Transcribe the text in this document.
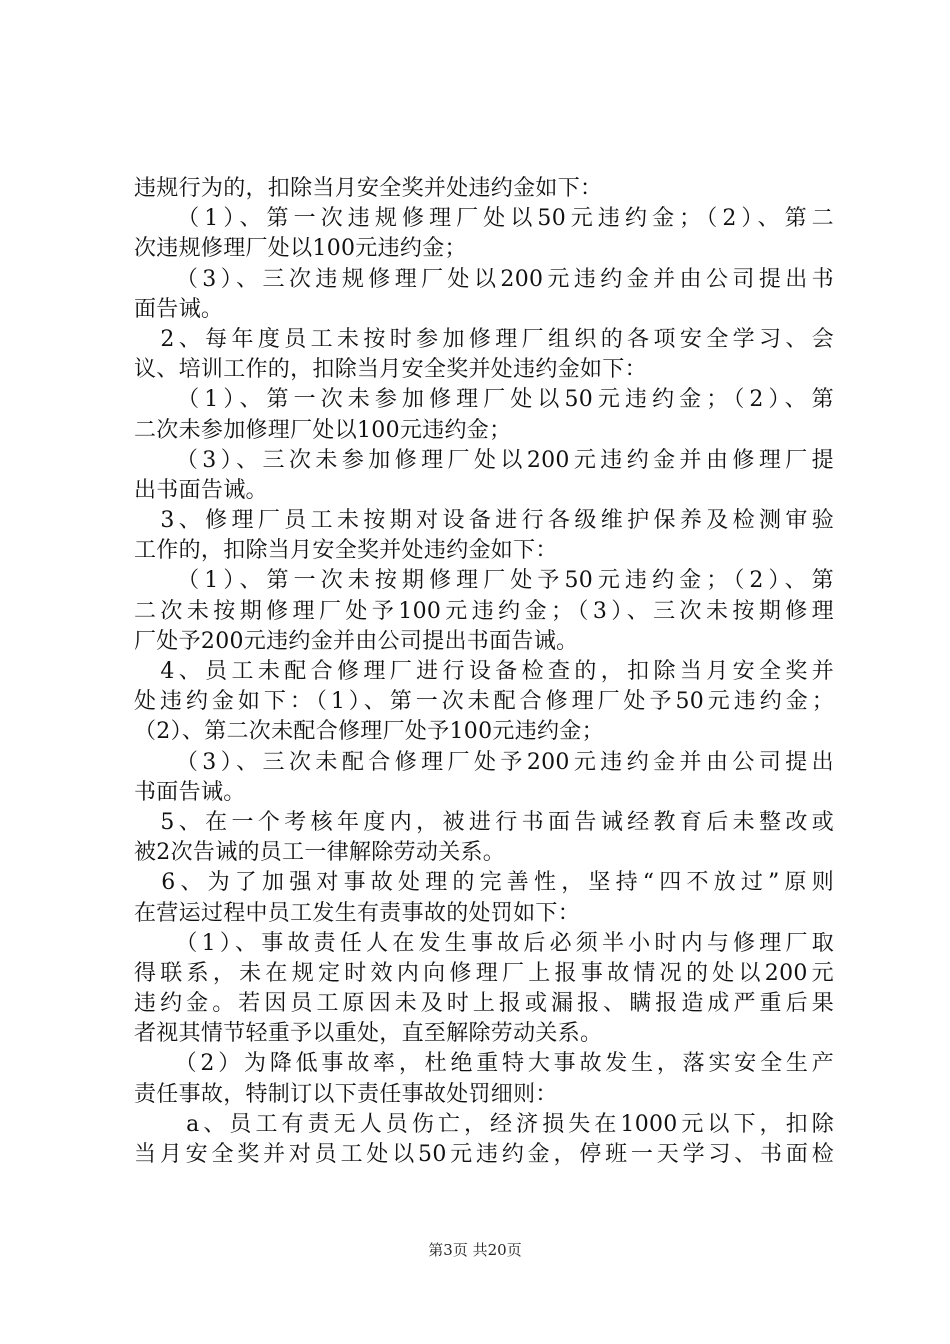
违规行为的，扣除当月安全奖并处违约金如下：
　　（1）、第一次违规修理厂处以50元违约金；（2）、第二
次违规修理厂处以100元违约金；
　　（3）、三次违规修理厂处以200元违约金并由公司提出书
面告诫。
　2、每年度员工未按时参加修理厂组织的各项安全学习、会
议、培训工作的，扣除当月安全奖并处违约金如下：
　　（1）、第一次未参加修理厂处以50元违约金；（2）、第
二次未参加修理厂处以100元违约金；
　　（3）、三次未参加修理厂处以200元违约金并由修理厂提
出书面告诫。
　3、修理厂员工未按期对设备进行各级维护保养及检测审验
工作的，扣除当月安全奖并处违约金如下：
　　（1）、第一次未按期修理厂处予50元违约金；（2）、第
二次未按期修理厂处予100元违约金；（3）、三次未按期修理
厂处予200元违约金并由公司提出书面告诫。
　4、员工未配合修理厂进行设备检查的，扣除当月安全奖并
处违约金如下：（1）、第一次未配合修理厂处予50元违约金；
（2）、第二次未配合修理厂处予100元违约金；
　　（3）、三次未配合修理厂处予200元违约金并由公司提出
书面告诫。
　5、在一个考核年度内，被进行书面告诫经教育后未整改或
被2次告诫的员工一律解除劳动关系。
　6、为了加强对事故处理的完善性，坚持“四不放过”原则
在营运过程中员工发生有责事故的处罚如下：
　　（1）、事故责任人在发生事故后必须半小时内与修理厂取
得联系，未在规定时效内向修理厂上报事故情况的处以200元
违约金。若因员工原因未及时上报或漏报、瞒报造成严重后果
者视其情节轻重予以重处，直至解除劳动关系。
　　（2）为降低事故率，杜绝重特大事故发生，落实安全生产
责任事故，特制订以下责任事故处罚细则：
　　a、员工有责无人员伤亡，经济损失在1000元以下，扣除
当月安全奖并对员工处以50元违约金，停班一天学习、书面检
第3页 共20页
